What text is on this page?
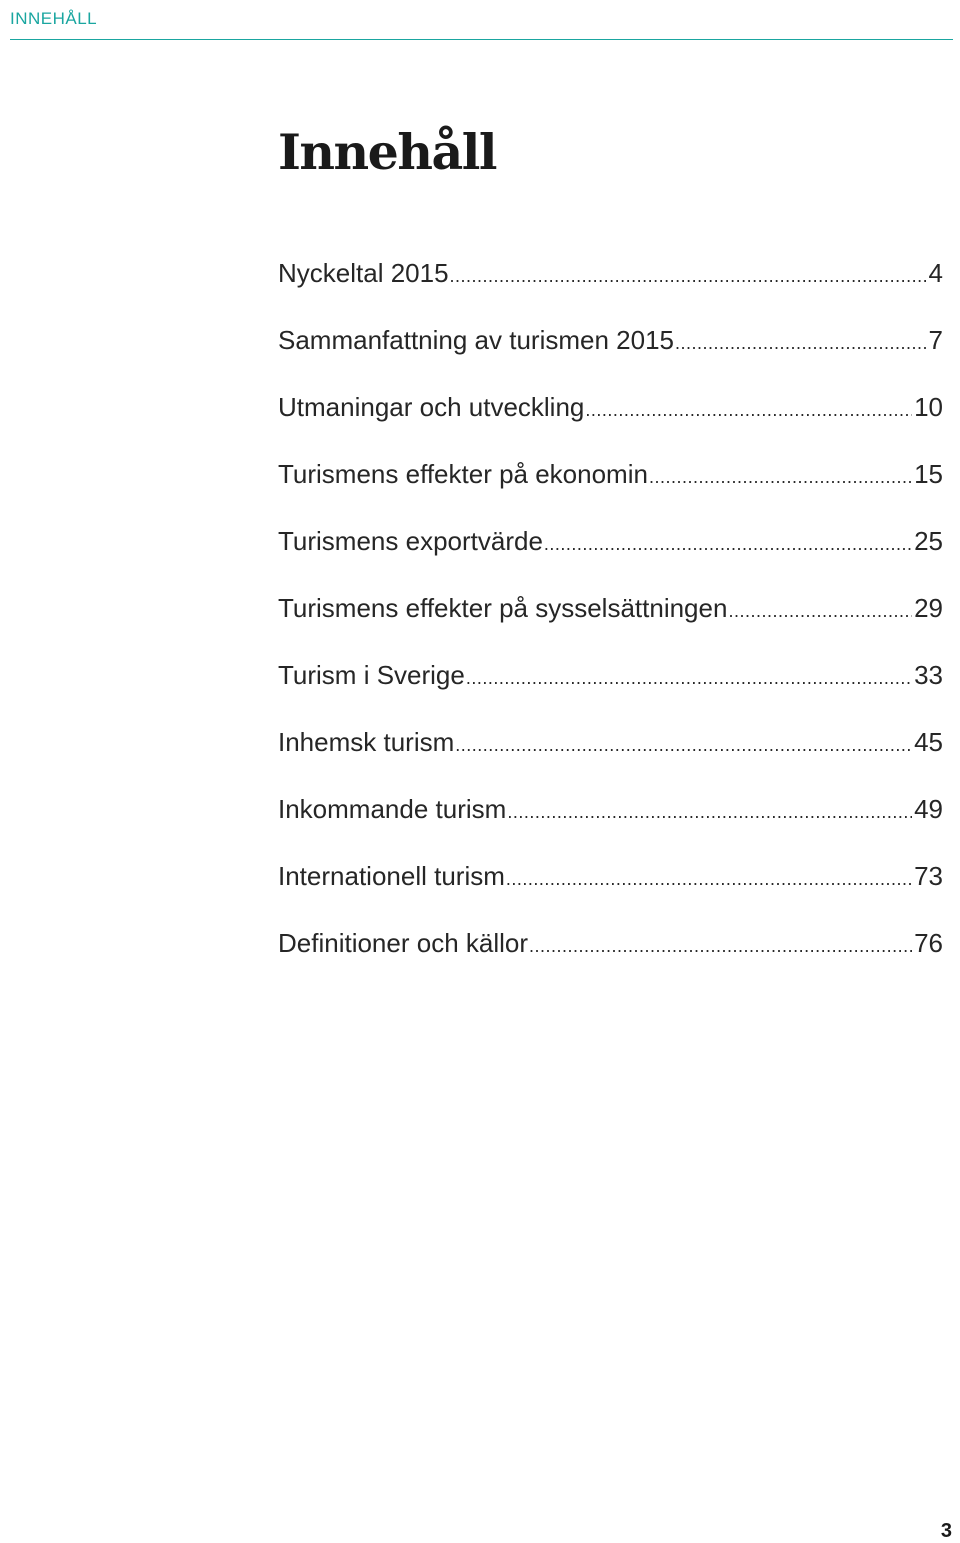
INNEHÅLL
Innehåll
Nyckeltal 2015 .....	4
Sammanfattning av turismen 2015 .....	7
Utmaningar och utveckling .....	10
Turismens effekter på ekonomin .....	15
Turismens exportvärde .....	25
Turismens effekter på sysselsättningen .....	29
Turism i Sverige .....	33
Inhemsk turism .....	45
Inkommande turism .....	49
Internationell turism .....	73
Definitioner och källor .....	76
3
